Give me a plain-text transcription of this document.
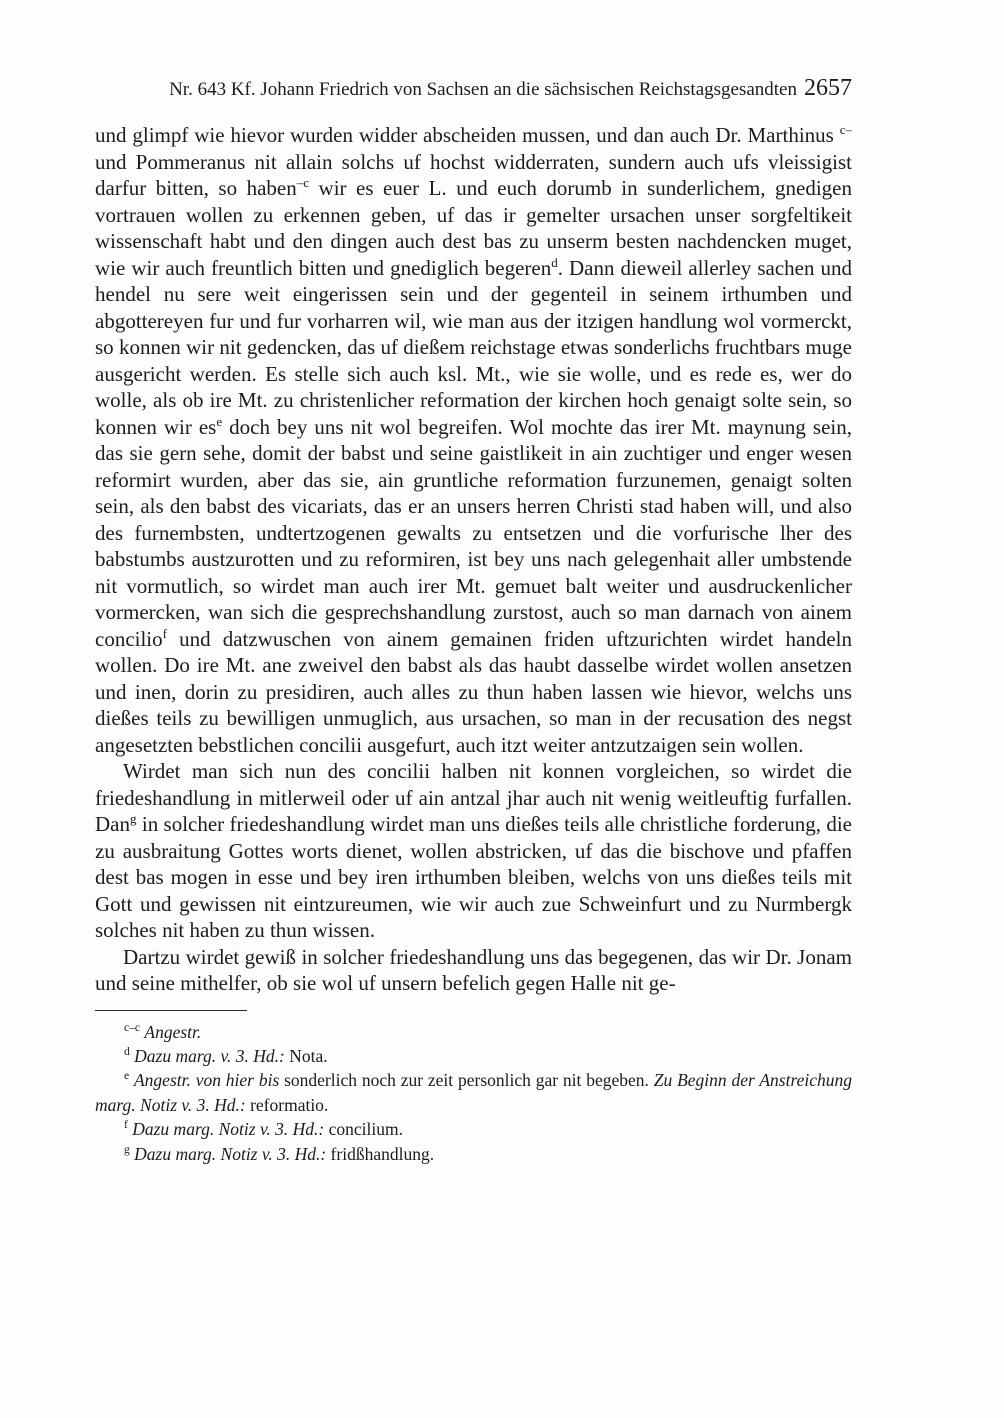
Nr. 643 Kf. Johann Friedrich von Sachsen an die sächsischen Reichstagsgesandten 2657

und glimpf wie hievor wurden widder abscheiden mussen, und dan auch Dr. Marthinus $^{c-}$und Pommeranus nit allain solchs uf hochst widderraten, sundern auch ufs vleissigist darfur bitten, so haben$^{-c}$ wir es euer L. und euch dorumb in sunderlichem, gnedigen vortrauen wollen zu erkennen geben, uf das ir gemelter ursachen unser sorgfeltikeit wissenschaft habt und den dingen auch dest bas zu unserm besten nachdencken muget, wie wir auch freuntlich bitten und gnediglich begeren$^d$. Dann dieweil allerley sachen und hendel nu sere weit eingerissen sein und der gegenteil in seinem irthumben und abgottereyen fur und fur vorharren wil, wie man aus der itzigen handlung wol vormerckt, so konnen wir nit gedencken, das uf dießem reichstage etwas sonderlichs fruchtbars muge ausgericht werden. Es stelle sich auch ksl. Mt., wie sie wolle, und es rede es, wer do wolle, als ob ire Mt. zu christenlicher reformation der kirchen hoch genaigt solte sein, so konnen wir es$^e$ doch bey uns nit wol begreifen. Wol mochte das irer Mt. maynung sein, das sie gern sehe, domit der babst und seine gaistlikeit in ain zuchtiger und enger wesen reformirt wurden, aber das sie, ain gruntliche reformation furzunemen, genaigt solten sein, als den babst des vicariats, das er an unsers herren Christi stad haben will, und also des furnembsten, undtertzogenen gewalts zu entsetzen und die vorfurische lher des babstumbs austzurotten und zu reformiren, ist bey uns nach gelegenhait aller umbstende nit vormutlich, so wirdet man auch irer Mt. gemuet balt weiter und ausdruckenlicher vormercken, wan sich die gesprechshandlung zurstost, auch so man darnach von ainem concilio$^f$ und datzwuschen von ainem gemainen friden uftzurichten wirdet handeln wollen. Do ire Mt. ane zweivel den babst als das haubt dasselbe wirdet wollen ansetzen und inen, dorin zu presidiren, auch alles zu thun haben lassen wie hievor, welchs uns dießes teils zu bewilligen unmuglich, aus ursachen, so man in der recusation des negst angesetzten bebstlichen concilii ausgefurt, auch itzt weiter antzutzaigen sein wollen.

Wirdet man sich nun des concilii halben nit konnen vorgleichen, so wirdet die friedeshandlung in mitlerweil oder uf ain antzal jhar auch nit wenig weitleuftig furfallen. Dan$^g$ in solcher friedeshandlung wirdet man uns dießes teils alle christliche forderung, die zu ausbraitung Gottes worts dienet, wollen abstricken, uf das die bischove und pfaffen dest bas mogen in esse und bey iren irthumben bleiben, welchs von uns dießes teils mit Gott und gewissen nit eintzureumen, wie wir auch zue Schweinfurt und zu Nurmbergk solches nit haben zu thun wissen.

Dartzu wirdet gewiß in solcher friedeshandlung uns das begegenen, das wir Dr. Jonam und seine mithelfer, ob sie wol uf unsern befelich gegen Halle nit ge-

$^{c-c}$ Angestr.

$^d$ Dazu marg. v. 3. Hd.: Nota.

$^e$ Angestr. von hier bis sonderlich noch zur zeit personlich gar nit begeben. Zu Beginn der Anstreichung marg. Notiz v. 3. Hd.: reformatio.

$^f$ Dazu marg. Notiz v. 3. Hd.: concilium.

$^g$ Dazu marg. Notiz v. 3. Hd.: fridßhandlung.
